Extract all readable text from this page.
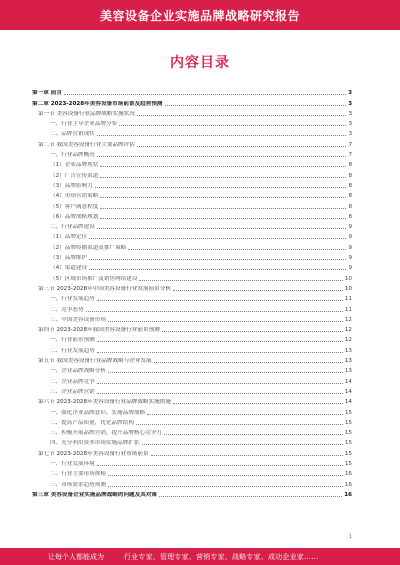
美容设备企业实施品牌战略研究报告
内容目录
第一章 前言	3
第二章 2023-2028年美容设备市场前景及趋势预测	3
第一节 美容设备行业品牌战略实施状况	3
一、行业主导企业品牌分布	3
二、品牌营销现状	3
第二节 我国美容设备行业主要品牌评估	7
一、行业品牌概况	7
（1）企业品牌现状	8
（2）广告宣传渠道	8
（3）品牌影响力	8
（4）市场营销策略	8
（5）客户满意程度	8
（6）品牌战略规划	8
二、行业品牌建设	9
（1）品牌定位	9
（2）品牌传播渠道及推广策略	9
（3）品牌维护	9
（4）渠道建设	9
（5）区域市场推广及销售网络建设	10
第三节 2023-2028年中国美容设备行业发展前景分析	10
一、行业发展趋势	11
二、竞争态势	11
三、中国美容设备市场	12
第四节 2023-2028年我国美容设备行业前景预测	12
一、行业前景预测	12
二、行业发展趋势	13
第五节 我国美容设备行业品牌战略与企业发展	13
一、企业品牌战略分析	13
二、企业品牌竞争	14
三、企业品牌营销	14
第六节 2023-2028年美容设备行业品牌战略实施措施	14
一、强化企业品牌意识，实施品牌战略	15
二、提高产品质量，优化品牌结构	15
三、积极开展品牌营销，提升品牌核心竞争力	15
四、充分利用资本市场实施品牌扩张	15
第七节 2023-2028年美容设备行业市场前景	15
一、行业发展环境	15
二、行业主要市场规模	16
三、市场需求趋势预测	16
第三章 美容设备企业实施品牌战略的问题及其对策	16
1
让每个人都能成为	行业专家、管理专家、营销专家、战略专家、成功企业家……
